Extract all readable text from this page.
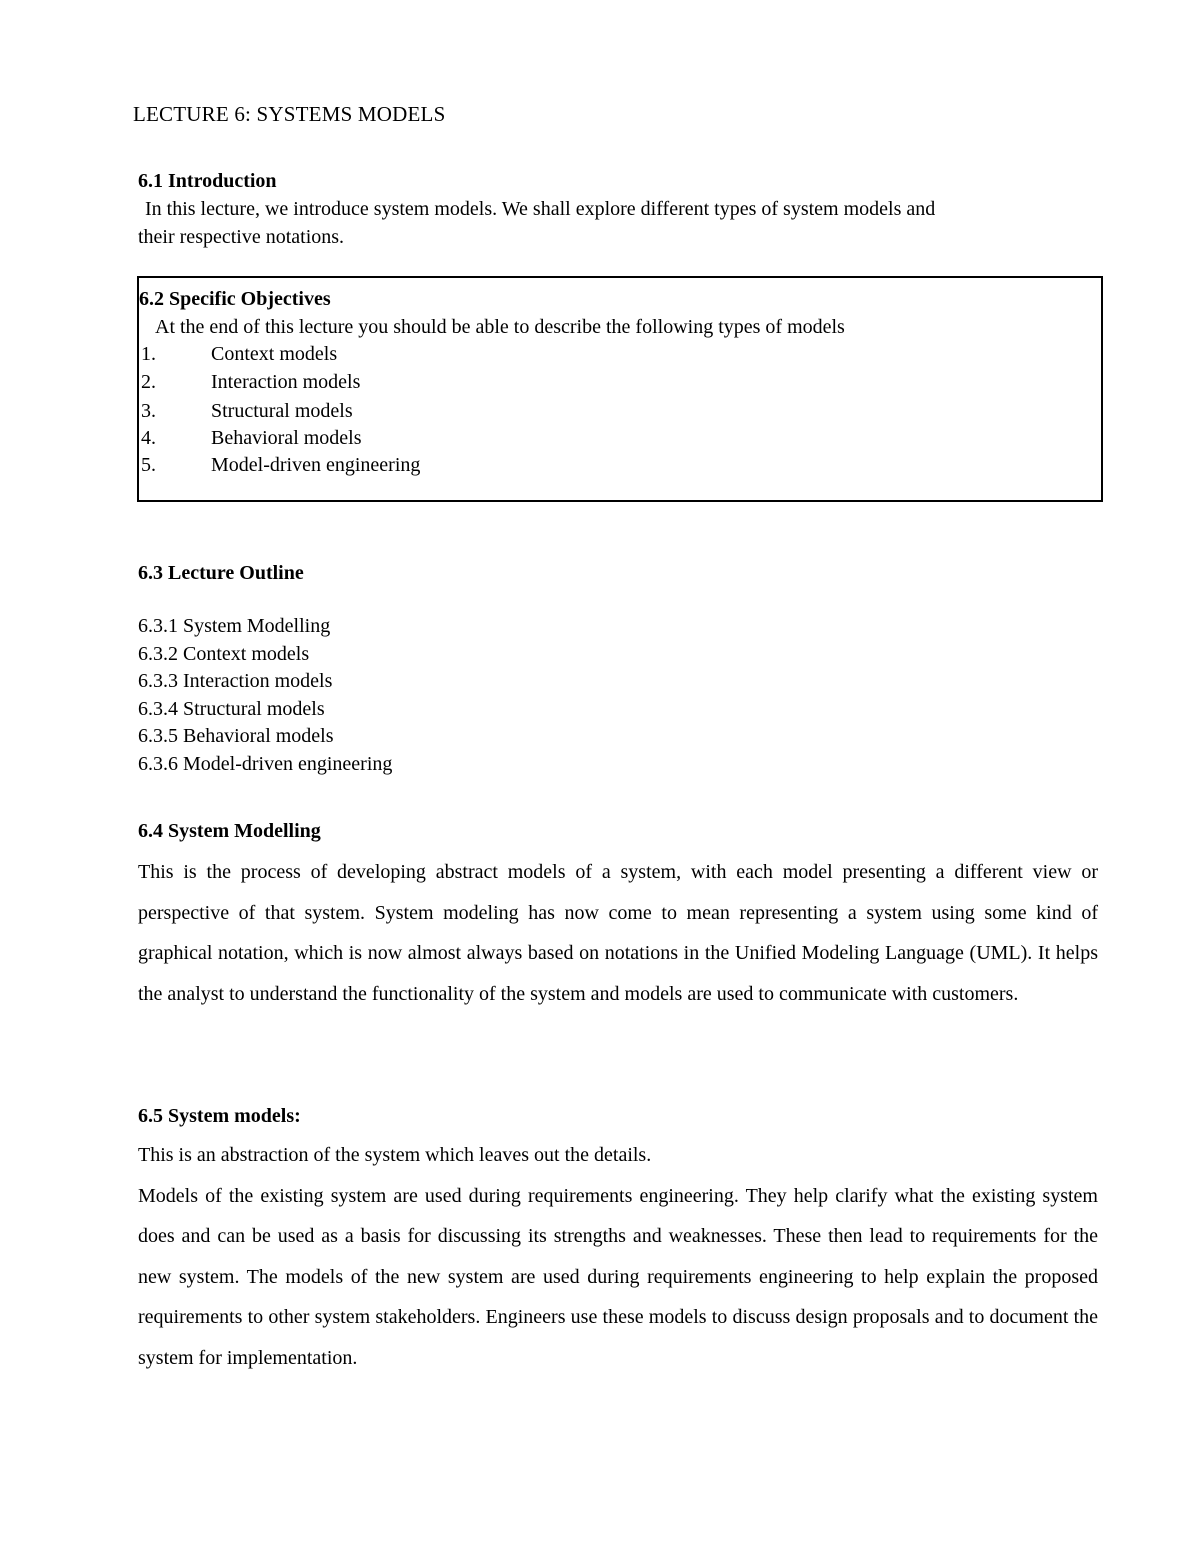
LECTURE 6: SYSTEMS MODELS
6.1 Introduction
In this lecture, we introduce system models. We shall explore different types of system models and
their respective notations.
6.2 Specific Objectives
At the end of this lecture you should be able to describe the following types of models
1.	Context models
2.	Interaction models
3.	Structural models
4.	Behavioral models
5.	Model-driven engineering
6.3 Lecture Outline
6.3.1 System Modelling
6.3.2 Context models
6.3.3 Interaction models
6.3.4 Structural models
6.3.5 Behavioral models
6.3.6 Model-driven engineering
6.4 System Modelling

This is the process of developing abstract models of a system, with each model presenting a different view or perspective of that system. System modeling has now come to mean representing a system using some kind of graphical notation, which is now almost always based on notations in the Unified Modeling Language (UML). It helps the analyst to understand the functionality of the system and models are used to communicate with customers.

6.5 System models:

This is an abstraction of the system which leaves out the details.

Models of the existing system are used during requirements engineering. They help clarify what the existing system does and can be used as a basis for discussing its strengths and weaknesses. These then lead to requirements for the new system. The models of the new system are used during requirements engineering to help explain the proposed requirements to other system stakeholders. Engineers use these models to discuss design proposals and to document the system for implementation.
